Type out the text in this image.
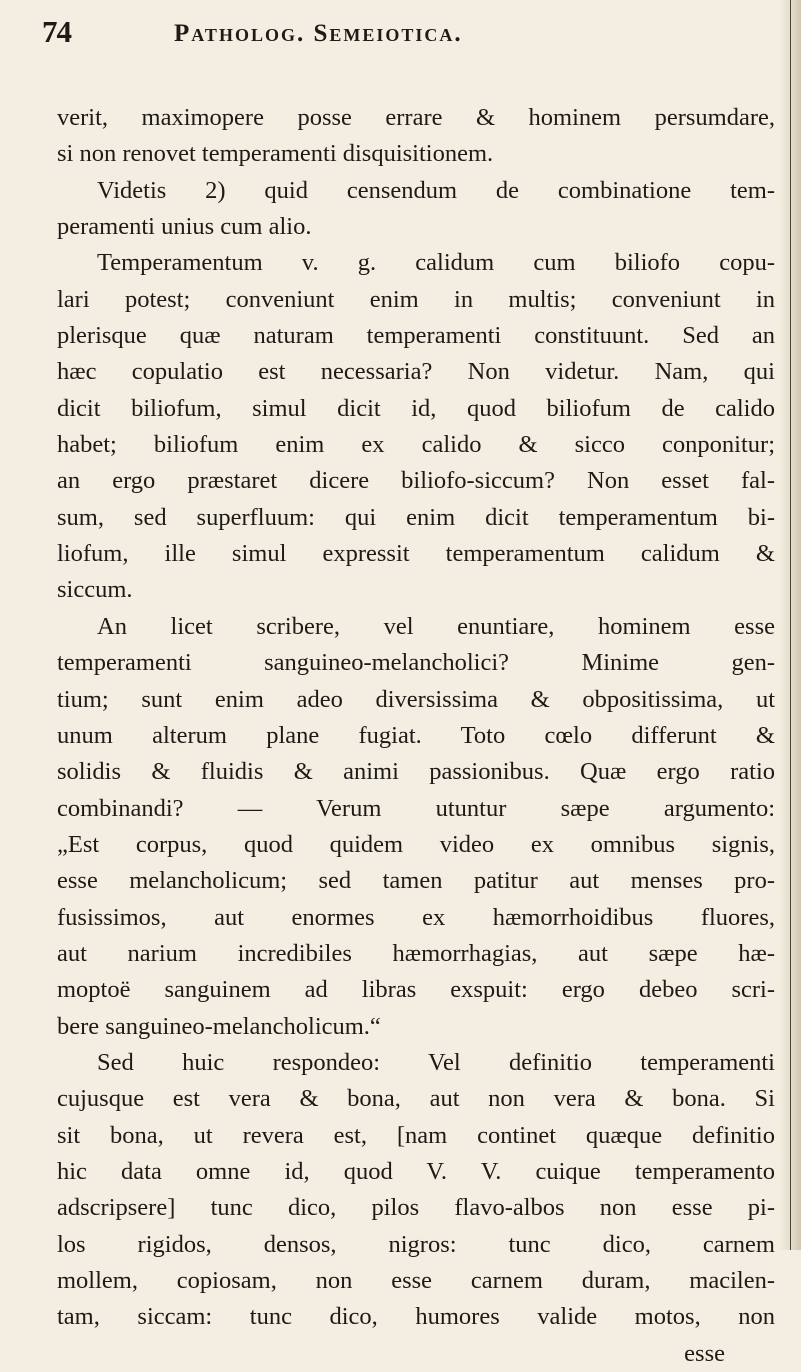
74	Patholog. Semeiotica.
verit, maximopere posse errare & hominem persumdare,
si non renovet temperamenti disquisitionem.
Videtis 2) quid censendum de combinatione tem-
peramenti unius cum alio.
Temperamentum v. g. calidum cum biliofo copu-
lari potest; conveniunt enim in multis; conveniunt in
plerisque quæ naturam temperamenti constituunt. Sed an
hæc copulatio est necessaria? Non videtur. Nam, qui
dicit biliofum, simul dicit id, quod biliofum de calido
habet; biliofum enim ex calido & sicco conponitur;
an ergo præstaret dicere biliofo-siccum? Non esset fal-
sum, sed superfluum: qui enim dicit temperamentum bi-
liofum, ille simul expressit temperamentum calidum &
siccum.
An licet scribere, vel enuntiare, hominem esse
temperamenti sanguineo-melancholici? Minime gen-
tium; sunt enim adeo diversissima & obpositissima, ut
unum alterum plane fugiat. Toto cœlo differunt &
solidis & fluidis & animi passionibus. Quæ ergo ratio
combinandi? — Verum utuntur sæpe argumento:
„Est corpus, quod quidem video ex omnibus signis,
esse melancholicum; sed tamen patitur aut menses pro-
fusissimos, aut enormes ex hæmorrhoidibus fluores,
aut narium incredibiles hæmorrhagias, aut sæpe hæ-
moptoë sanguinem ad libras exspuit: ergo debeo scri-
bere sanguineo-melancholicum.“
Sed huic respondeo: Vel definitio temperamenti
cujusque est vera & bona, aut non vera & bona. Si
sit bona, ut revera est, [nam continet quæque definitio
hic data omne id, quod V. V. cuique temperamento
adscripsere] tunc dico, pilos flavo-albos non esse pi-
los rigidos, densos, nigros: tunc dico, carnem
mollem, copiosam, non esse carnem duram, macilen-
tam, siccam: tunc dico, humores valide motos, non
esse
